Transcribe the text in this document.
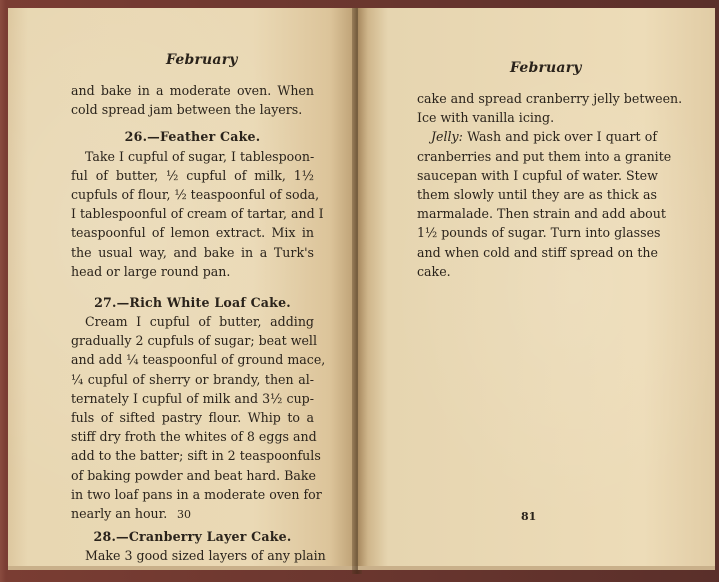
February
and bake in a moderate oven. When
cold spread jam between the layers.
26.—Feather Cake.
Take I cupful of sugar, I tablespoon-
ful of butter, ½ cupful of milk, 1½
cupfuls of flour, ½ teaspoonful of soda,
I tablespoonful of cream of tartar, and I
teaspoonful of lemon extract. Mix in
the usual way, and bake in a Turk's
head or large round pan.
27.—Rich White Loaf Cake.
Cream I cupful of butter, adding
gradually 2 cupfuls of sugar; beat well
and add ¼ teaspoonful of ground mace,
¼ cupful of sherry or brandy, then al-
ternately I cupful of milk and 3½ cup-
fuls of sifted pastry flour. Whip to a
stiff dry froth the whites of 8 eggs and
add to the batter; sift in 2 teaspoonfuls
of baking powder and beat hard. Bake
in two loaf pans in a moderate oven for
nearly an hour.
28.—Cranberry Layer Cake.
Make 3 good sized layers of any plain
30
February
cake and spread cranberry jelly between.
Ice with vanilla icing.
Jelly: Wash and pick over I quart of
cranberries and put them into a granite
saucepan with I cupful of water. Stew
them slowly until they are as thick as
marmalade. Then strain and add about
1½ pounds of sugar. Turn into glasses
and when cold and stiff spread on the
cake.
81
